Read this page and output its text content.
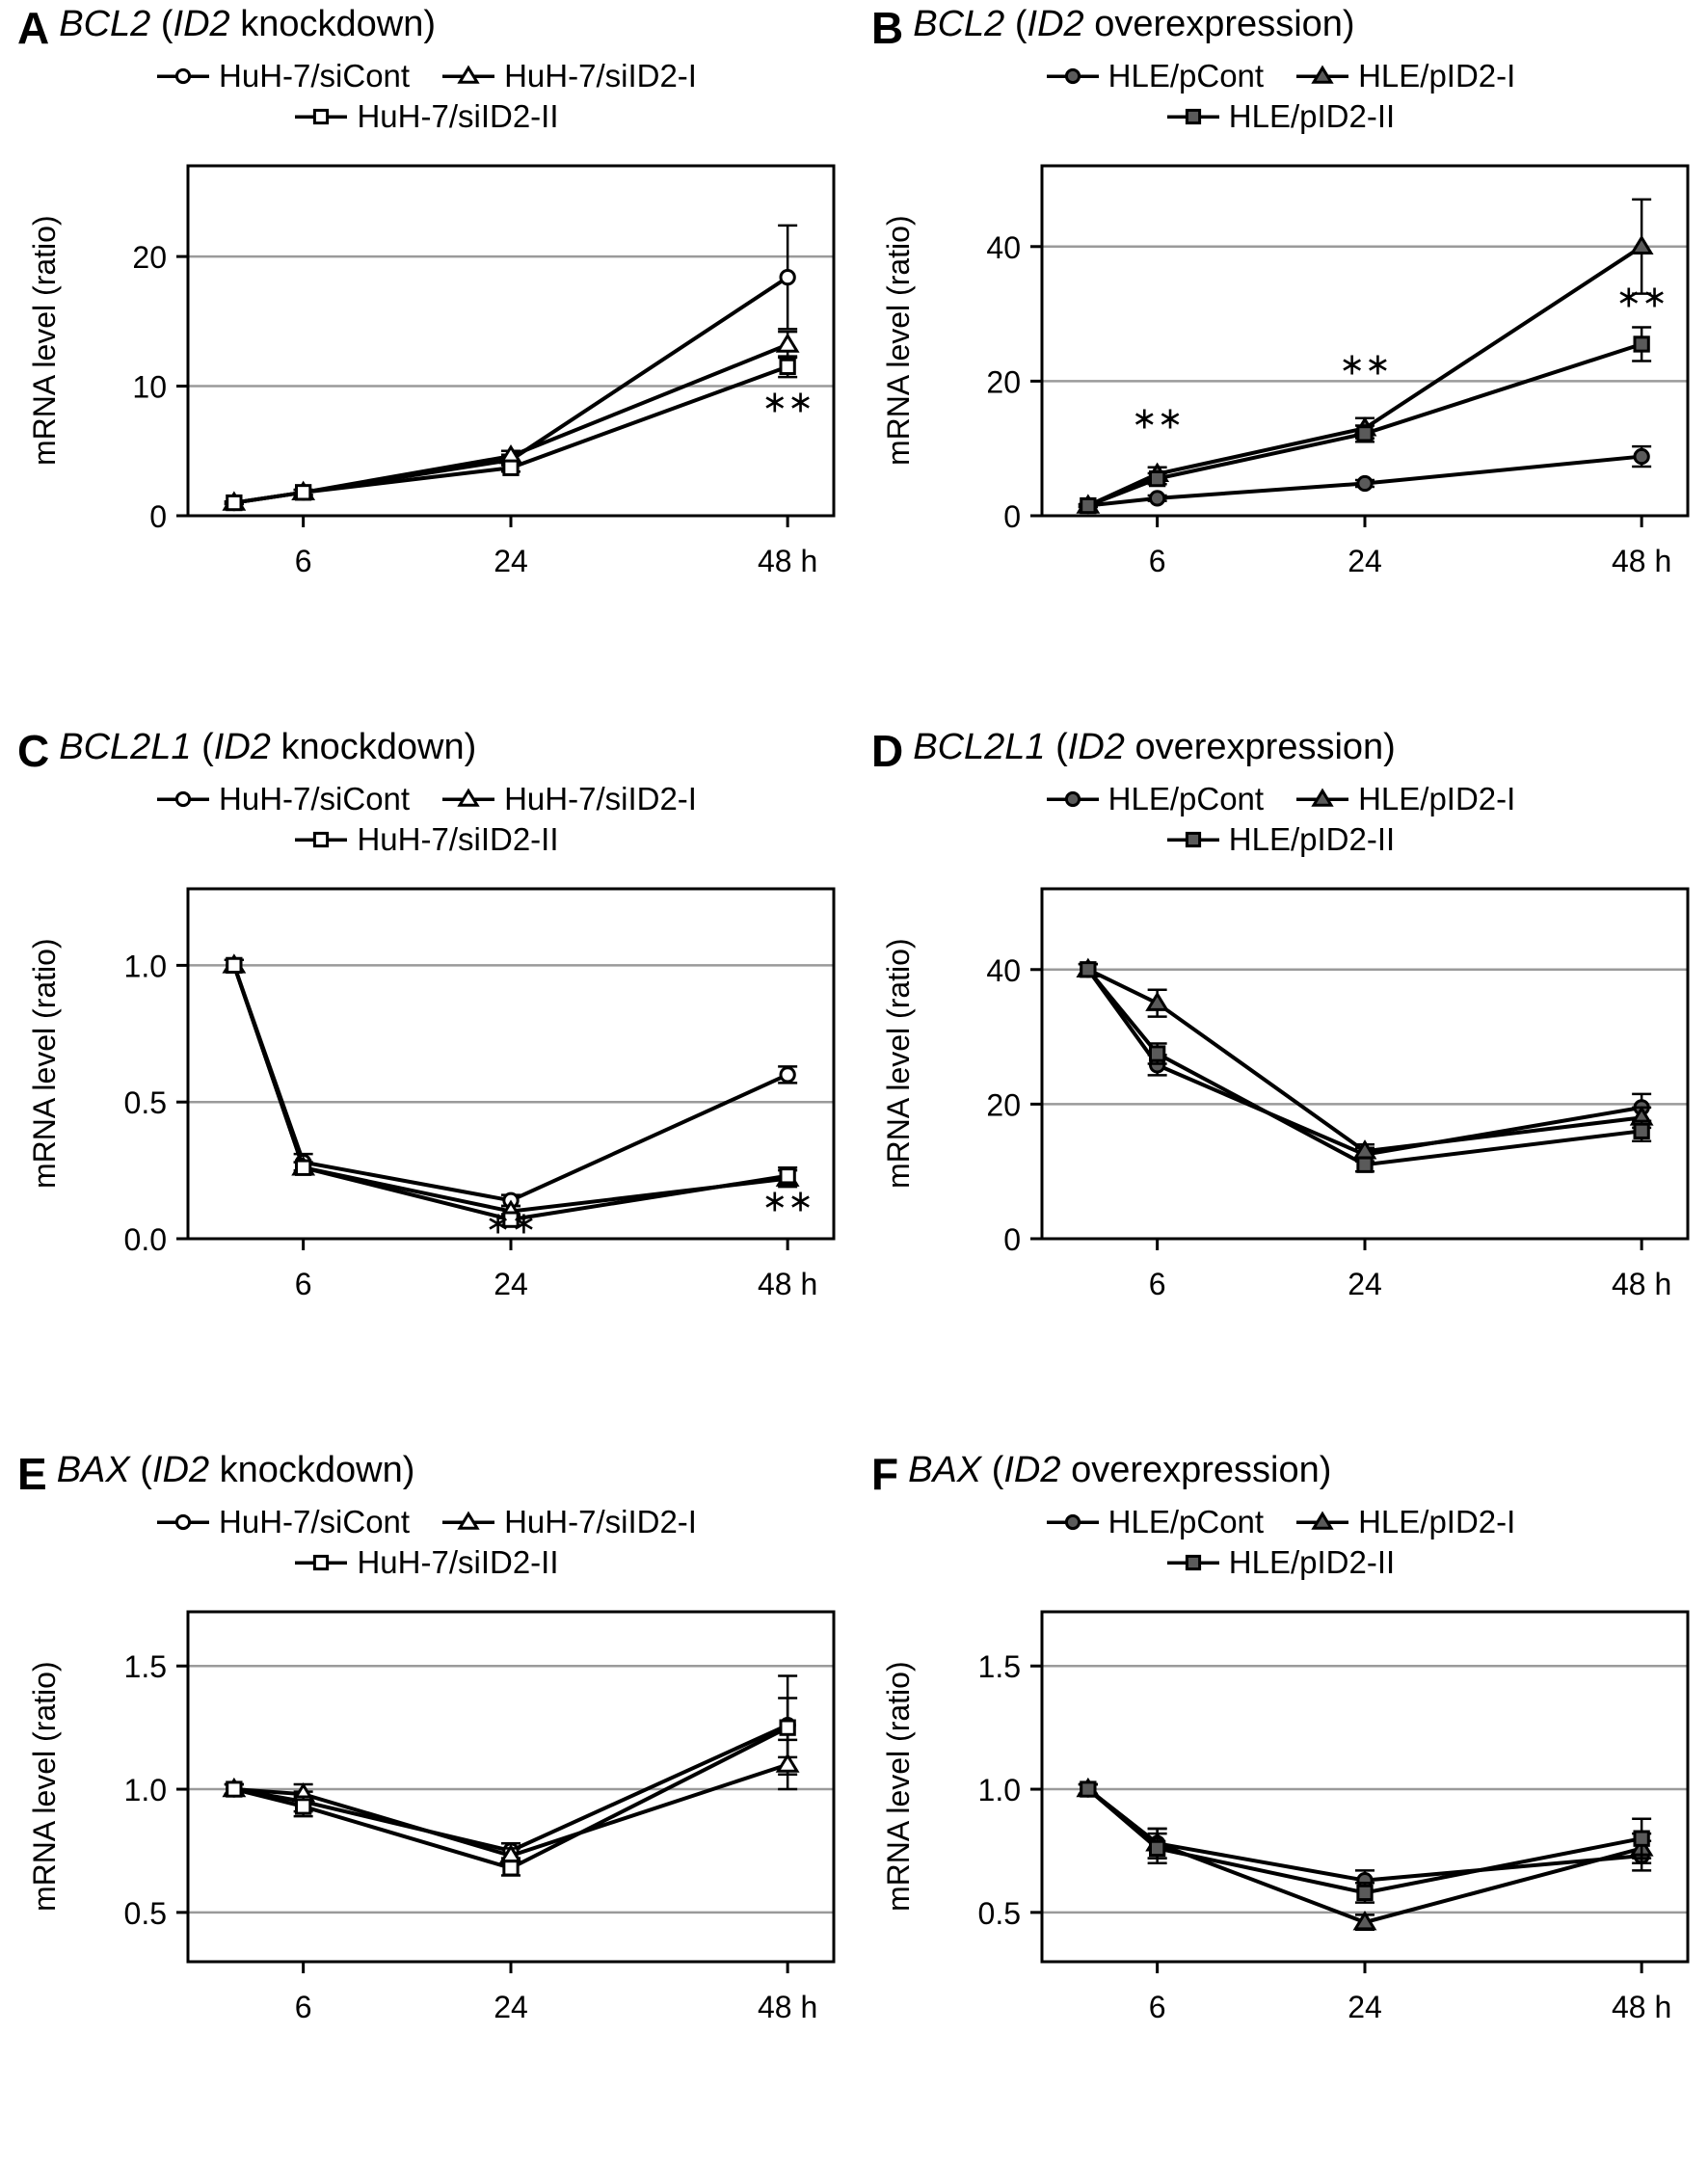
A BCL2 (ID2 knockdown)
HuH-7/siCont	HuH-7/siID2-I
HuH-7/siID2-II
0
10
20
6	24	48 h
∗∗
mRNA level (ratio)
B BCL2 (ID2 overexpression)
HLE/pCont	HLE/pID2-I
HLE/pID2-II
0
20
40
6	24	48 h
∗∗
∗∗
∗∗
mRNA level (ratio)
C BCL2L1 (ID2 knockdown)
HuH-7/siCont	HuH-7/siID2-I
HuH-7/siID2-II
0.0
0.5
1.0
6	24	48 h
∗∗
∗∗
mRNA level (ratio)
D BCL2L1 (ID2 overexpression)
HLE/pCont	HLE/pID2-I
HLE/pID2-II
0
20
40
6	24	48 h
mRNA level (ratio)
E BAX (ID2 knockdown)
HuH-7/siCont	HuH-7/siID2-I
HuH-7/siID2-II
0.5
1.0
1.5
6	24	48 h
mRNA level (ratio)
F BAX (ID2 overexpression)
HLE/pCont	HLE/pID2-I
HLE/pID2-II
0.5
1.0
1.5
6	24	48 h
mRNA level (ratio)
